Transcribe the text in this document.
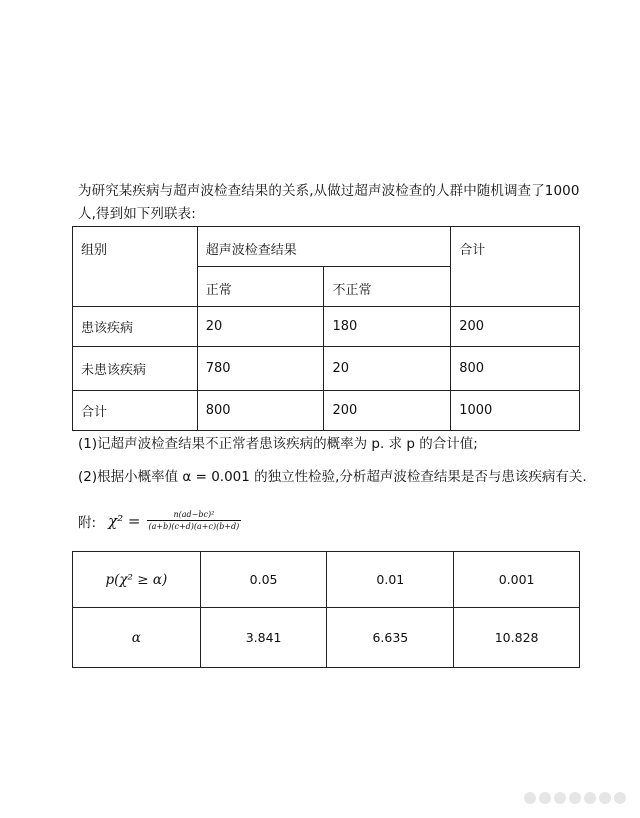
为研究某疾病与超声波检查结果的关系,从做过超声波检查的人群中随机调查了1000 人,得到如下列联表:
组别	超声波检查结果		合计
	正常	不正常	
患该疾病	20	180	200
未患该疾病	780	20	800
合计	800	200	1000
(1)记超声波检查结果不正常者患该疾病的概率为 p. 求 p 的合计值;
(2)根据小概率值 α = 0.001 的独立性检验,分析超声波检查结果是否与患该疾病有关.
附: $\chi^2 = \frac{\text{n(ad−bc)²}}{(a+b)(c+d)(a+c)(b+d)}$
p(χ² ≥ α)	0.05	0.01	0.001
α	3.841	6.635	10.828
